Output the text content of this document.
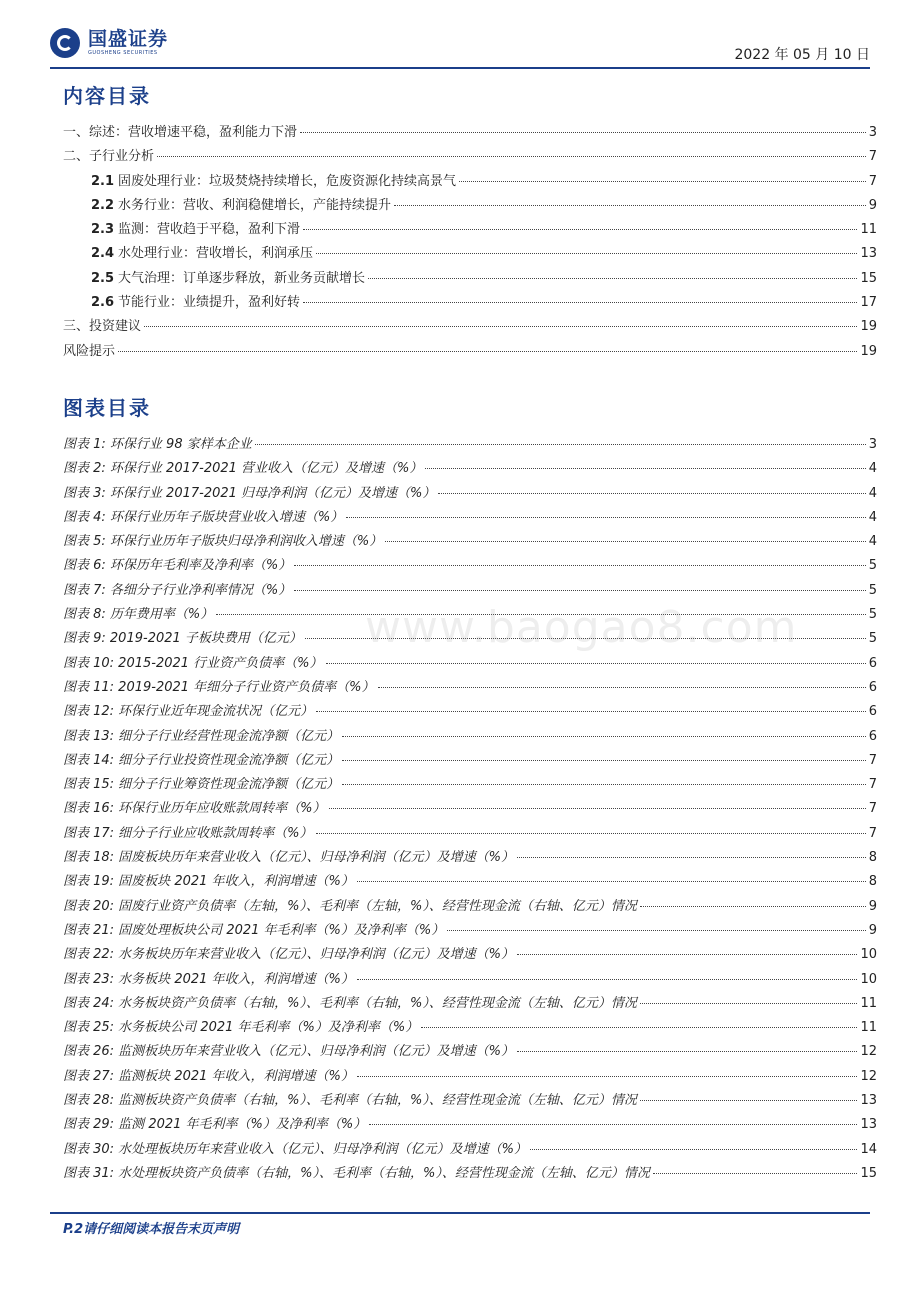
国盛证券
GUOSHENG SECURITIES	2022 年 05 月 10 日
内容目录
一、综述：营收增速平稳，盈利能力下滑	3
二、子行业分析	7
2.1 固废处理行业：垃圾焚烧持续增长，危废资源化持续高景气	7
2.2 水务行业：营收、利润稳健增长，产能持续提升	9
2.3 监测：营收趋于平稳，盈利下滑	11
2.4 水处理行业：营收增长，利润承压	13
2.5 大气治理：订单逐步释放，新业务贡献增长	15
2.6 节能行业：业绩提升，盈利好转	17
三、投资建议	19
风险提示	19
图表目录
图表 1: 环保行业 98 家样本企业	3
图表 2: 环保行业 2017-2021 营业收入（亿元）及增速（%）	4
图表 3: 环保行业 2017-2021 归母净利润（亿元）及增速（%）	4
图表 4: 环保行业历年子版块营业收入增速（%）	4
图表 5: 环保行业历年子版块归母净利润收入增速（%）	4
图表 6: 环保历年毛利率及净利率（%）	5
图表 7: 各细分子行业净利率情况（%）	5
图表 8: 历年费用率（%）	5
图表 9: 2019-2021 子板块费用（亿元）	5
图表 10: 2015-2021 行业资产负债率（%）	6
图表 11: 2019-2021 年细分子行业资产负债率（%）	6
图表 12: 环保行业近年现金流状况（亿元）	6
图表 13: 细分子行业经营性现金流净额（亿元）	6
图表 14: 细分子行业投资性现金流净额（亿元）	7
图表 15: 细分子行业筹资性现金流净额（亿元）	7
图表 16: 环保行业历年应收账款周转率（%）	7
图表 17: 细分子行业应收账款周转率（%）	7
图表 18: 固废板块历年来营业收入（亿元）、归母净利润（亿元）及增速（%）	8
图表 19: 固废板块 2021 年收入，利润增速（%）	8
图表 20: 固废行业资产负债率（左轴，%）、毛利率（左轴，%）、经营性现金流（右轴、亿元）情况	9
图表 21: 固废处理板块公司 2021 年毛利率（%）及净利率（%）	9
图表 22: 水务板块历年来营业收入（亿元）、归母净利润（亿元）及增速（%）	10
图表 23: 水务板块 2021 年收入，利润增速（%）	10
图表 24: 水务板块资产负债率（右轴，%）、毛利率（右轴，%）、经营性现金流（左轴、亿元）情况	11
图表 25: 水务板块公司 2021 年毛利率（%）及净利率（%）	11
图表 26: 监测板块历年来营业收入（亿元）、归母净利润（亿元）及增速（%）	12
图表 27: 监测板块 2021 年收入，利润增速（%）	12
图表 28: 监测板块资产负债率（右轴，%）、毛利率（右轴，%）、经营性现金流（左轴、亿元）情况	13
图表 29: 监测 2021 年毛利率（%）及净利率（%）	13
图表 30: 水处理板块历年来营业收入（亿元）、归母净利润（亿元）及增速（%）	14
图表 31: 水处理板块资产负债率（右轴，%）、毛利率（右轴，%）、经营性现金流（左轴、亿元）情况	15
www.baogao8.com
P.2请仔细阅读本报告末页声明
